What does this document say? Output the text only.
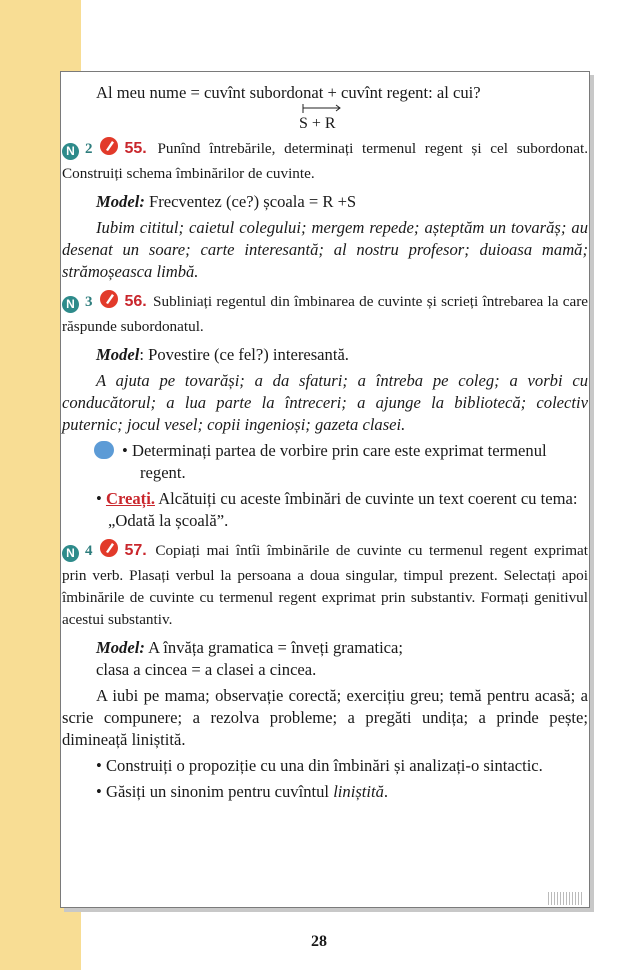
Al meu nume = cuvînt subordonat + cuvînt regent: al cui?

S + R

N 2 55. Punînd întrebările, determinați termenul regent și cel subordonat. Construiți schema îmbinărilor de cuvinte.

Model: Frecventez (ce?) școala = R +S

Iubim cititul; caietul colegului; mergem repede; așteptăm un tovarăș; au desenat un soare; carte interesantă; al nostru profesor; duioasa mamă; strămoșeasca limbă.

N 3 56. Subliniați regentul din îmbinarea de cuvinte și scrieți întrebarea la care răspunde subordonatul.

Model: Povestire (ce fel?) interesantă.

A ajuta pe tovarăși; a da sfaturi; a întreba pe coleg; a vorbi cu conducătorul; a lua parte la întreceri; a ajunge la bibliotecă; colectiv puternic; jocul vesel; copii ingenioși; gazeta clasei.

• Determinați partea de vorbire prin care este exprimat termenul regent.

• Creați. Alcătuiți cu aceste îmbinări de cuvinte un text coerent cu tema: „Odată la școală”.

N 4 57. Copiați mai întîi îmbinările de cuvinte cu termenul regent exprimat prin verb. Plasați verbul la persoana a doua singular, timpul prezent. Selectați apoi îmbinările de cuvinte cu termenul regent exprimat prin substantiv. Formați genitivul acestui substantiv.

Model: A învăța gramatica = înveți gramatica;

clasa a cincea = a clasei a cincea.

A iubi pe mama; observație corectă; exercițiu greu; temă pentru acasă; a scrie compunere; a rezolva probleme; a pregăti undița; a prinde pește; dimineață liniștită.

• Construiți o propoziție cu una din îmbinări și analizați-o sintactic.

• Găsiți un sinonim pentru cuvîntul liniștită.

28
